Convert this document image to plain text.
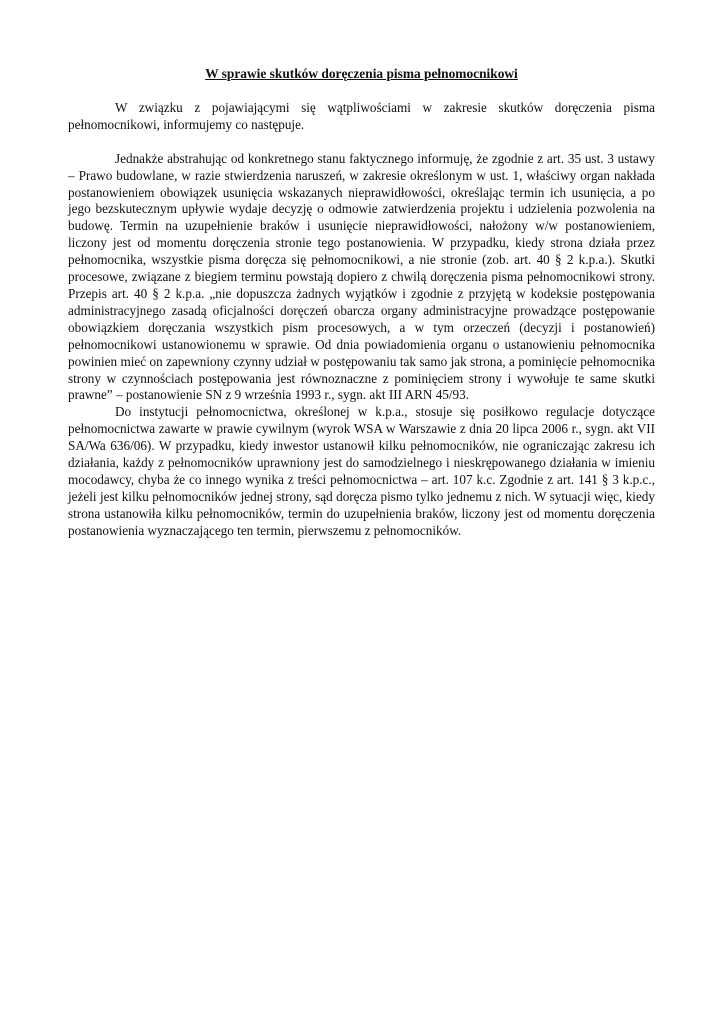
W sprawie skutków doręczenia pisma pełnomocnikowi

W związku z pojawiającymi się wątpliwościami w zakresie skutków doręczenia pisma pełnomocnikowi, informujemy co następuje.

Jednakże abstrahując od konkretnego stanu faktycznego informuję, że zgodnie z art. 35 ust. 3 ustawy – Prawo budowlane, w razie stwierdzenia naruszeń, w zakresie określonym w ust. 1, właściwy organ nakłada postanowieniem obowiązek usunięcia wskazanych nieprawidłowości, określając termin ich usunięcia, a po jego bezskutecznym upływie wydaje decyzję o odmowie zatwierdzenia projektu i udzielenia pozwolenia na budowę. Termin na uzupełnienie braków i usunięcie nieprawidłowości, nałożony w/w postanowieniem, liczony jest od momentu doręczenia stronie tego postanowienia. W przypadku, kiedy strona działa przez pełnomocnika, wszystkie pisma doręcza się pełnomocnikowi, a nie stronie (zob. art. 40 § 2 k.p.a.). Skutki procesowe, związane z biegiem terminu powstają dopiero z chwilą doręczenia pisma pełnomocnikowi strony. Przepis art. 40 § 2 k.p.a. „nie dopuszcza żadnych wyjątków i zgodnie z przyjętą w kodeksie postępowania administracyjnego zasadą oficjalności doręczeń obarcza organy administracyjne prowadzące postępowanie obowiązkiem doręczania wszystkich pism procesowych, a w tym orzeczeń (decyzji i postanowień) pełnomocnikowi ustanowionemu w sprawie. Od dnia powiadomienia organu o ustanowieniu pełnomocnika powinien mieć on zapewniony czynny udział w postępowaniu tak samo jak strona, a pominięcie pełnomocnika strony w czynnościach postępowania jest równoznaczne z pominięciem strony i wywołuje te same skutki prawne” – postanowienie SN z 9 września 1993 r., sygn. akt III ARN 45/93.

Do instytucji pełnomocnictwa, określonej w k.p.a., stosuje się posiłkowo regulacje dotyczące pełnomocnictwa zawarte w prawie cywilnym (wyrok WSA w Warszawie z dnia 20 lipca 2006 r., sygn. akt VII SA/Wa 636/06). W przypadku, kiedy inwestor ustanowił kilku pełnomocników, nie ograniczając zakresu ich działania, każdy z pełnomocników uprawniony jest do samodzielnego i nieskrępowanego działania w imieniu mocodawcy, chyba że co innego wynika z treści pełnomocnictwa – art. 107 k.c. Zgodnie z art. 141 § 3 k.p.c., jeżeli jest kilku pełnomocników jednej strony, sąd doręcza pismo tylko jednemu z nich. W sytuacji więc, kiedy strona ustanowiła kilku pełnomocników, termin do uzupełnienia braków, liczony jest od momentu doręczenia postanowienia wyznaczającego ten termin, pierwszemu z pełnomocników.
